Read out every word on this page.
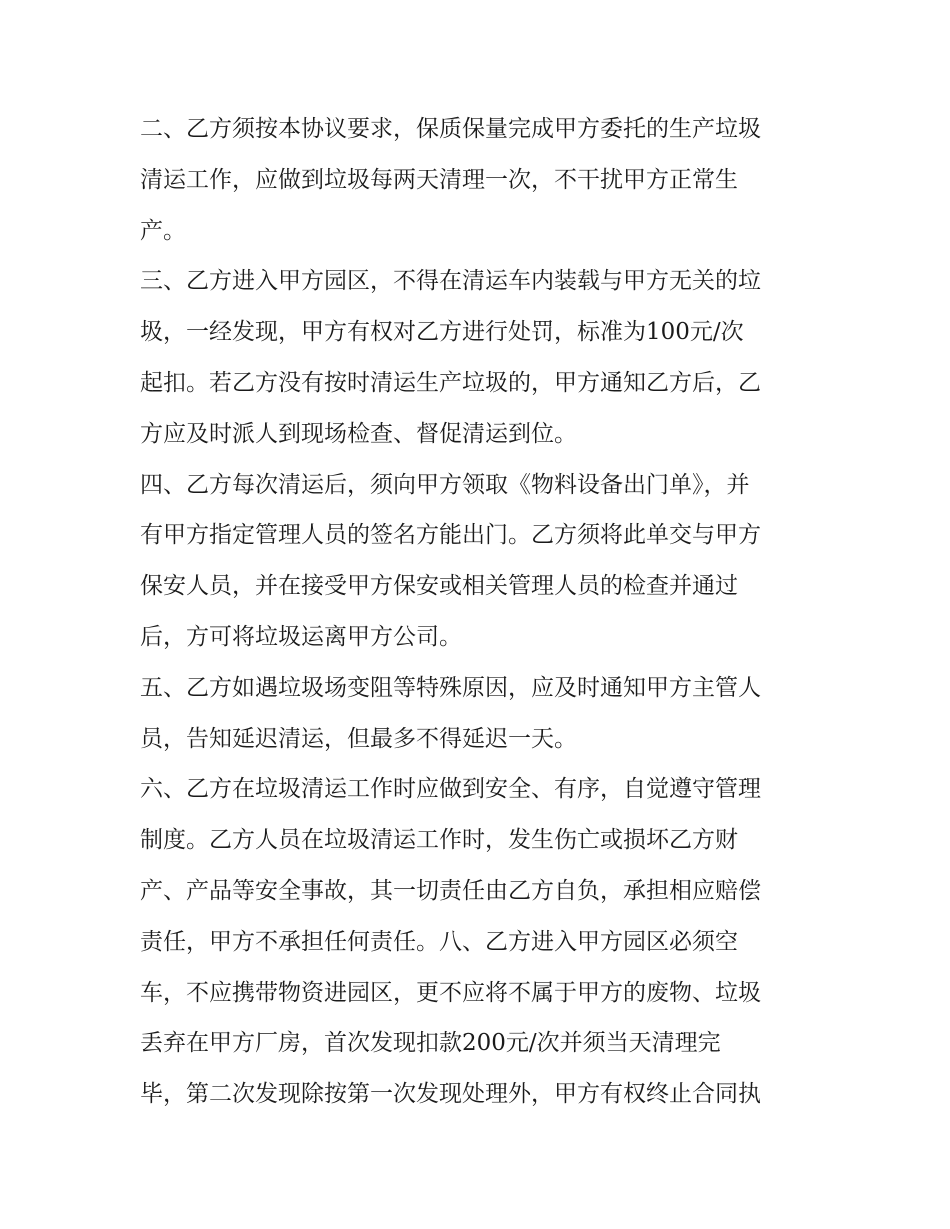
二、乙方须按本协议要求，保质保量完成甲方委托的生产垃圾
清运工作，应做到垃圾每两天清理一次，不干扰甲方正常生
产。
三、乙方进入甲方园区，不得在清运车内装载与甲方无关的垃
圾，一经发现，甲方有权对乙方进行处罚，标准为100元/次
起扣。若乙方没有按时清运生产垃圾的，甲方通知乙方后，乙
方应及时派人到现场检查、督促清运到位。
四、乙方每次清运后，须向甲方领取《物料设备出门单》，并
有甲方指定管理人员的签名方能出门。乙方须将此单交与甲方
保安人员，并在接受甲方保安或相关管理人员的检查并通过
后，方可将垃圾运离甲方公司。
五、乙方如遇垃圾场变阻等特殊原因，应及时通知甲方主管人
员，告知延迟清运，但最多不得延迟一天。
六、乙方在垃圾清运工作时应做到安全、有序，自觉遵守管理
制度。乙方人员在垃圾清运工作时，发生伤亡或损坏乙方财
产、产品等安全事故，其一切责任由乙方自负，承担相应赔偿
责任，甲方不承担任何责任。八、乙方进入甲方园区必须空
车，不应携带物资进园区，更不应将不属于甲方的废物、垃圾
丢弃在甲方厂房，首次发现扣款200元/次并须当天清理完
毕，第二次发现除按第一次发现处理外，甲方有权终止合同执
